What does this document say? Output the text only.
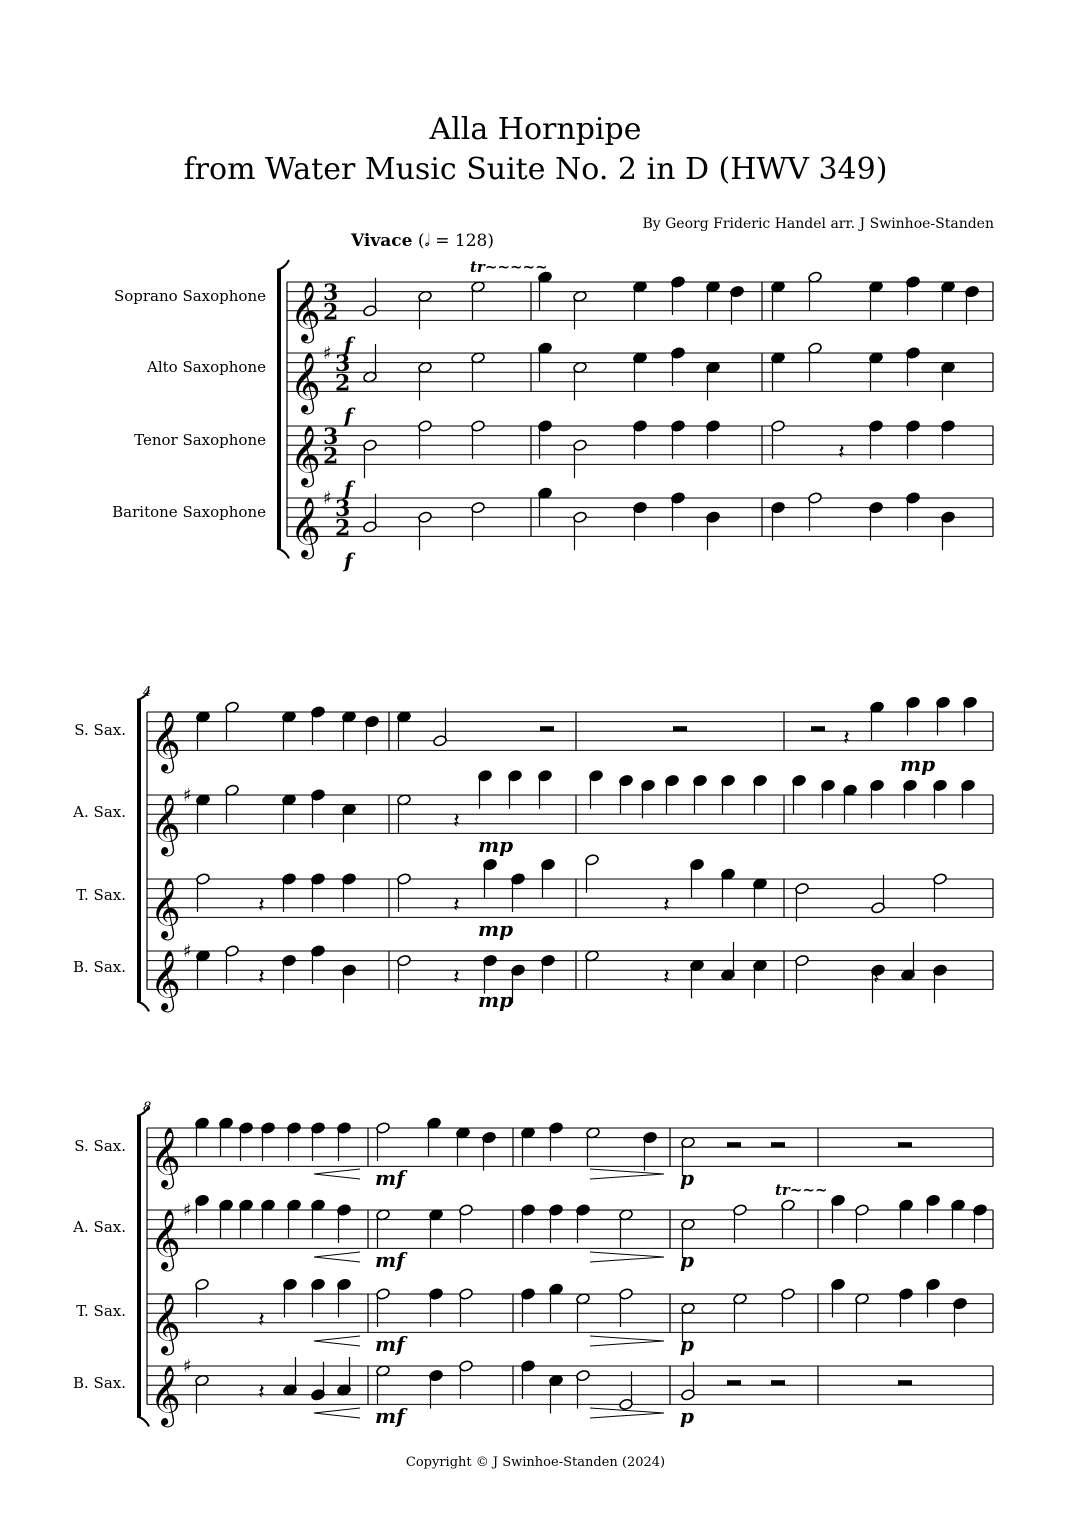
Alla Hornpipe
from Water Music Suite No. 2 in D (HWV 349)
By Georg Frideric Handel arr. J Swinhoe-Standen
Vivace (𝅗𝅥 = 128)
Soprano Saxophone
Alto Saxophone
Tenor Saxophone
Baritone Saxophone
S. Sax.
A. Sax.
T. Sax.
B. Sax.
S. Sax.
A. Sax.
T. Sax.
B. Sax.
𝄞 3
2
𝄞 ♯ 3
2
𝄞 3
2
𝄞 ♯ 3
2
𝄞
𝄞 ♯
𝄞
𝄞 ♯
𝄞
𝄞 ♯
𝄞
𝄞 ♯
𝄽
f
f
f
f
tr~~~~~
𝄽
𝄽
𝄽	𝄽	𝄽
𝄽	𝄽	𝄽	𝄽
mp
mp
mp
mp
𝄽
𝄽
tr~~~
mf	p
mf	p
mf	p
mf	p
4
8
Copyright © J Swinhoe-Standen (2024)
